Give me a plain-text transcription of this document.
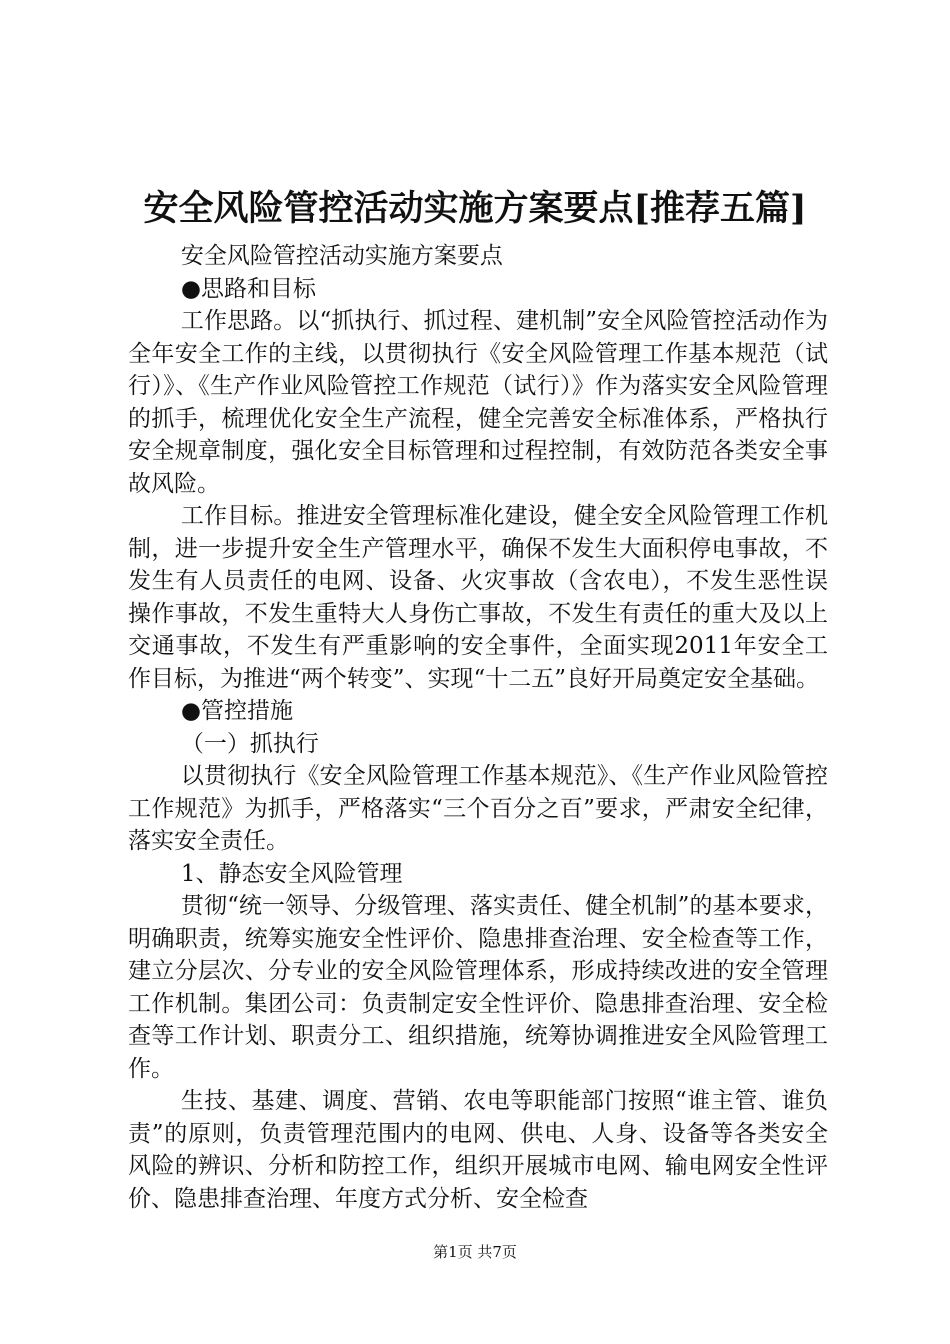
安全风险管控活动实施方案要点[推荐五篇]

安全风险管控活动实施方案要点

●思路和目标

工作思路。以“抓执行、抓过程、建机制”安全风险管控活动作为全年安全工作的主线，以贯彻执行《安全风险管理工作基本规范（试行）》、《生产作业风险管控工作规范（试行）》作为落实安全风险管理的抓手，梳理优化安全生产流程，健全完善安全标准体系，严格执行安全规章制度，强化安全目标管理和过程控制，有效防范各类安全事故风险。

工作目标。推进安全管理标准化建设，健全安全风险管理工作机制，进一步提升安全生产管理水平，确保不发生大面积停电事故，不发生有人员责任的电网、设备、火灾事故（含农电），不发生恶性误操作事故，不发生重特大人身伤亡事故，不发生有责任的重大及以上交通事故，不发生有严重影响的安全事件，全面实现2011年安全工作目标，为推进“两个转变”、实现“十二五”良好开局奠定安全基础。

●管控措施

（一）抓执行

以贯彻执行《安全风险管理工作基本规范》、《生产作业风险管控工作规范》为抓手，严格落实“三个百分之百”要求，严肃安全纪律，落实安全责任。

1、静态安全风险管理

贯彻“统一领导、分级管理、落实责任、健全机制”的基本要求，明确职责，统筹实施安全性评价、隐患排查治理、安全检查等工作，建立分层次、分专业的安全风险管理体系，形成持续改进的安全管理工作机制。集团公司：负责制定安全性评价、隐患排查治理、安全检查等工作计划、职责分工、组织措施，统筹协调推进安全风险管理工作。

生技、基建、调度、营销、农电等职能部门按照“谁主管、谁负责”的原则，负责管理范围内的电网、供电、人身、设备等各类安全风险的辨识、分析和防控工作，组织开展城市电网、输电网安全性评价、隐患排查治理、年度方式分析、安全检查

第1页 共7页
